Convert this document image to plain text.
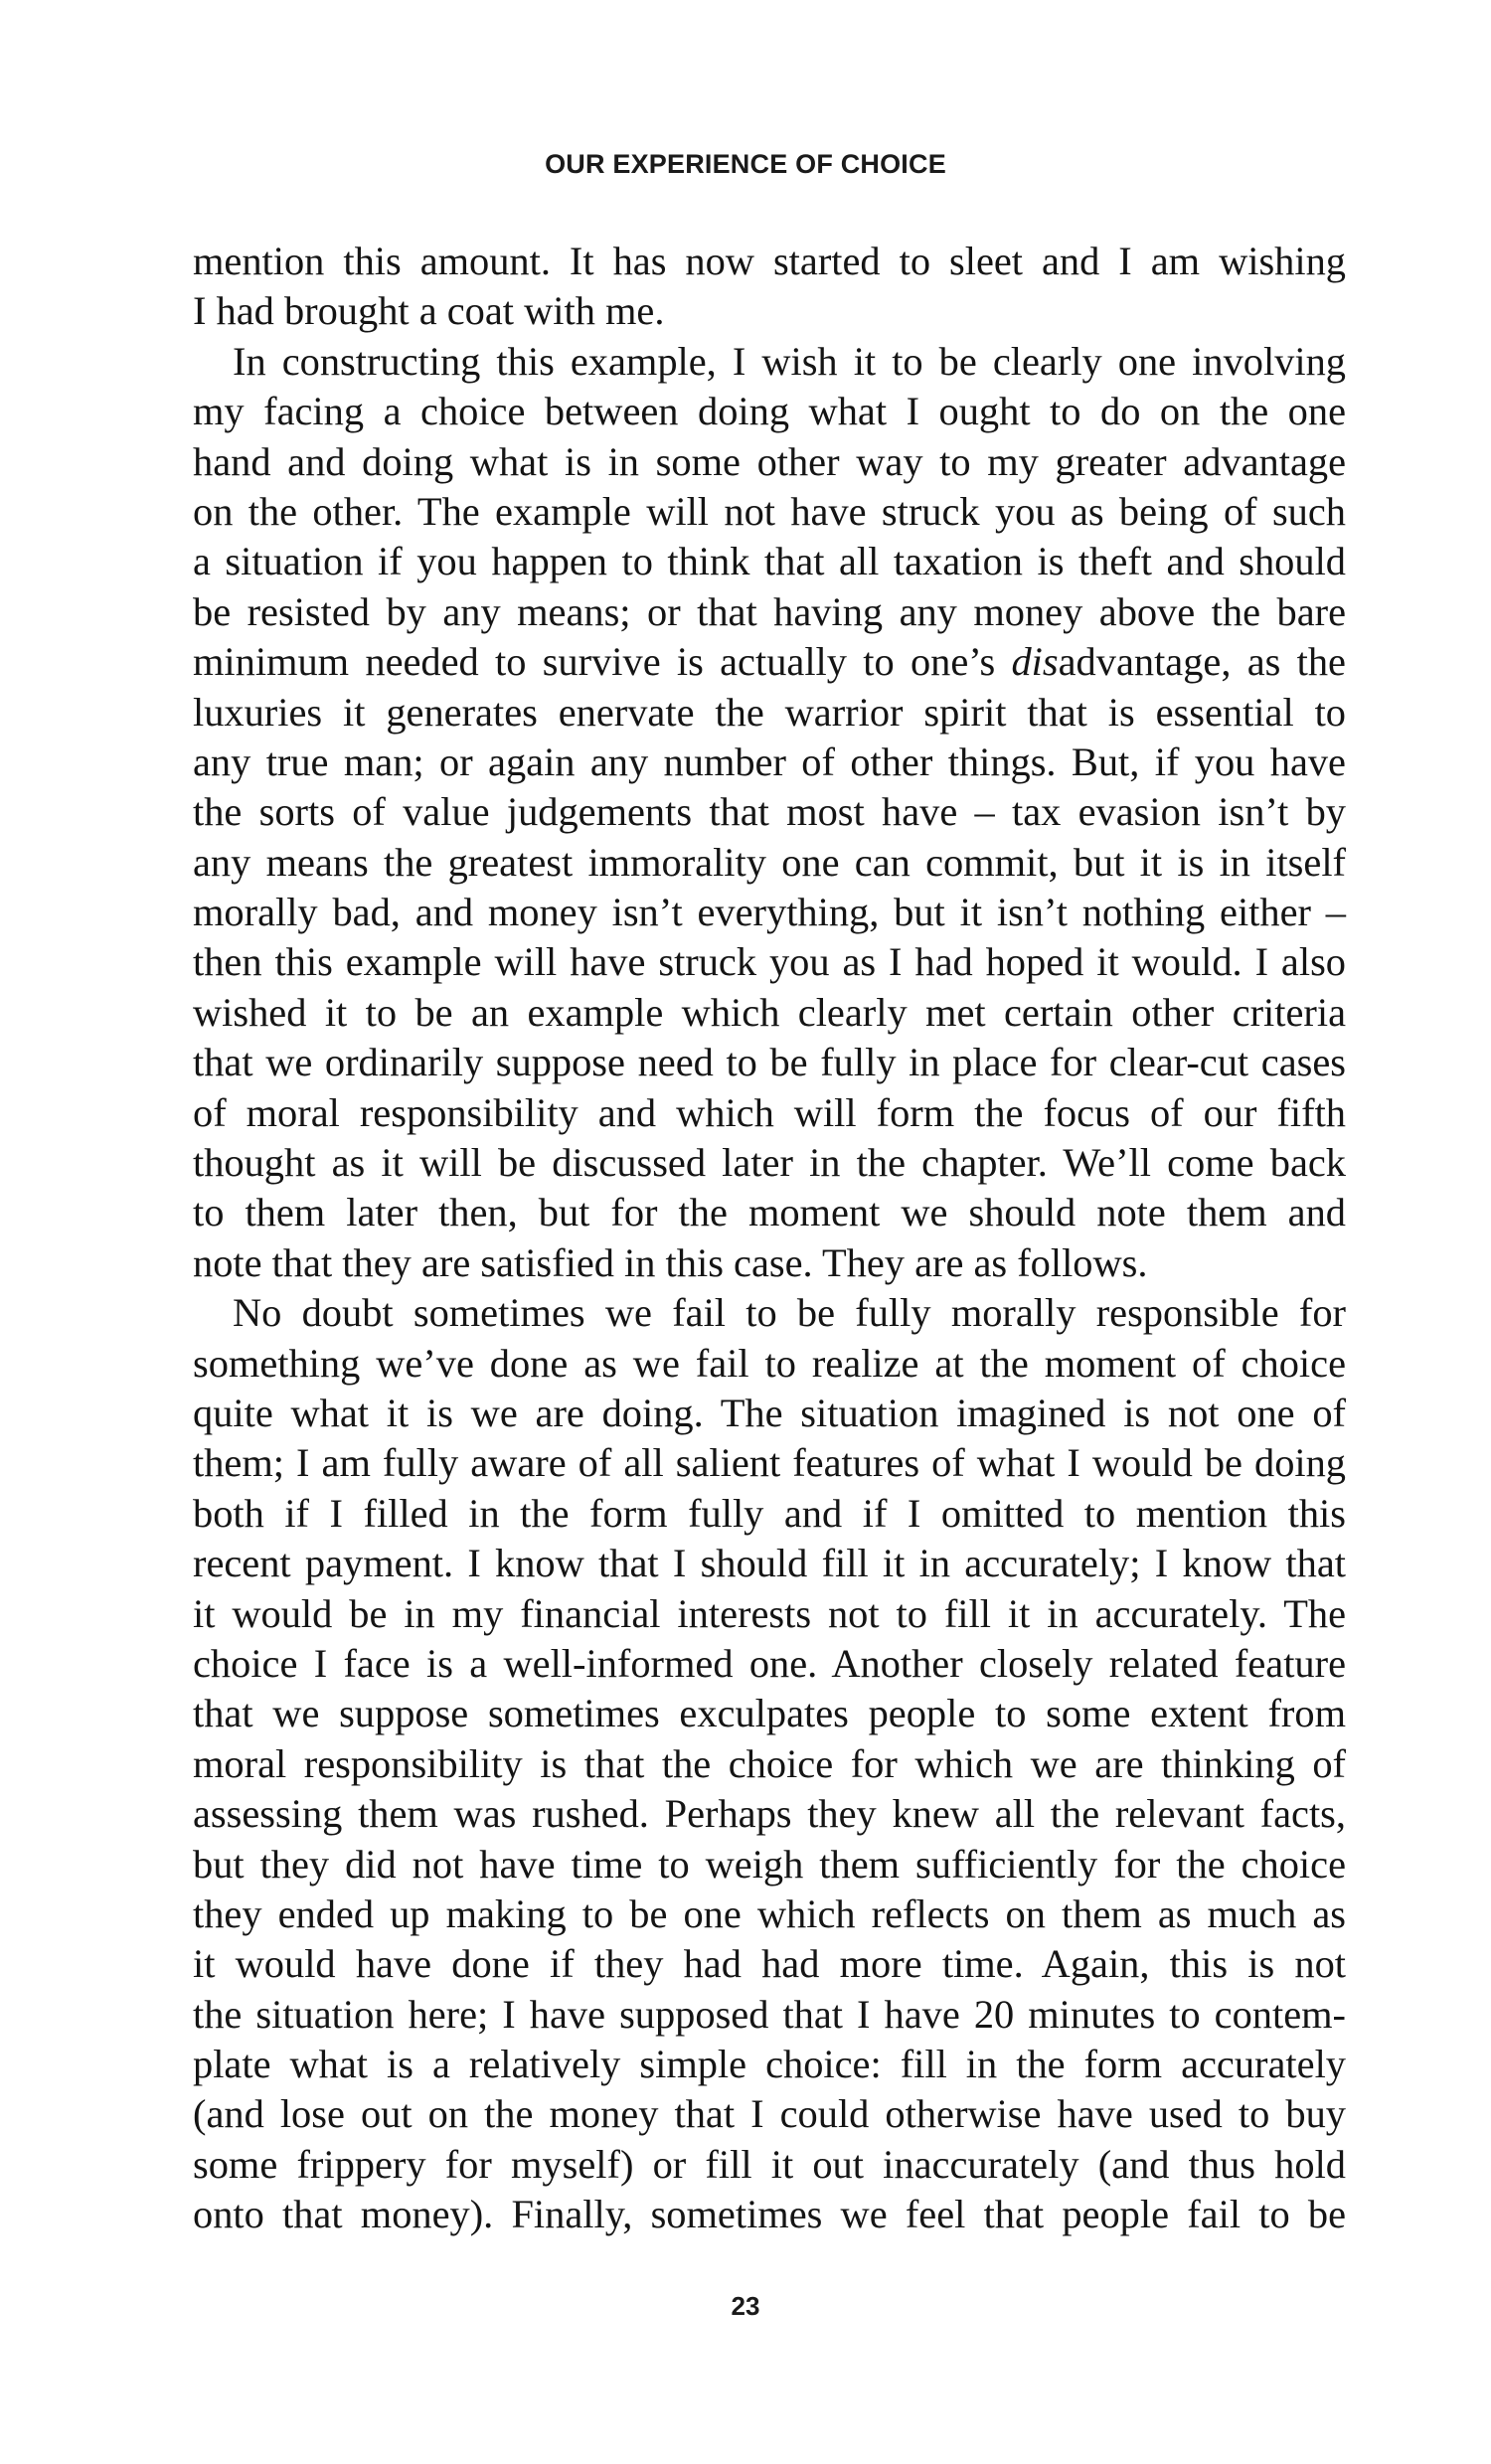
OUR EXPERIENCE OF CHOICE
mention this amount. It has now started to sleet and I am wishing
I had brought a coat with me.
In constructing this example, I wish it to be clearly one involving
my facing a choice between doing what I ought to do on the one
hand and doing what is in some other way to my greater advantage
on the other. The example will not have struck you as being of such
a situation if you happen to think that all taxation is theft and should
be resisted by any means; or that having any money above the bare
minimum needed to survive is actually to one’s disadvantage, as the
luxuries it generates enervate the warrior spirit that is essential to
any true man; or again any number of other things. But, if you have
the sorts of value judgements that most have – tax evasion isn’t by
any means the greatest immorality one can commit, but it is in itself
morally bad, and money isn’t everything, but it isn’t nothing either –
then this example will have struck you as I had hoped it would. I also
wished it to be an example which clearly met certain other criteria
that we ordinarily suppose need to be fully in place for clear-cut cases
of moral responsibility and which will form the focus of our fifth
thought as it will be discussed later in the chapter. We’ll come back
to them later then, but for the moment we should note them and
note that they are satisfied in this case. They are as follows.
No doubt sometimes we fail to be fully morally responsible for
something we’ve done as we fail to realize at the moment of choice
quite what it is we are doing. The situation imagined is not one of
them; I am fully aware of all salient features of what I would be doing
both if I filled in the form fully and if I omitted to mention this
recent payment. I know that I should fill it in accurately; I know that
it would be in my financial interests not to fill it in accurately. The
choice I face is a well-informed one. Another closely related feature
that we suppose sometimes exculpates people to some extent from
moral responsibility is that the choice for which we are thinking of
assessing them was rushed. Perhaps they knew all the relevant facts,
but they did not have time to weigh them sufficiently for the choice
they ended up making to be one which reflects on them as much as
it would have done if they had had more time. Again, this is not
the situation here; I have supposed that I have 20 minutes to contem-
plate what is a relatively simple choice: fill in the form accurately
(and lose out on the money that I could otherwise have used to buy
some frippery for myself) or fill it out inaccurately (and thus hold
onto that money). Finally, sometimes we feel that people fail to be
23
